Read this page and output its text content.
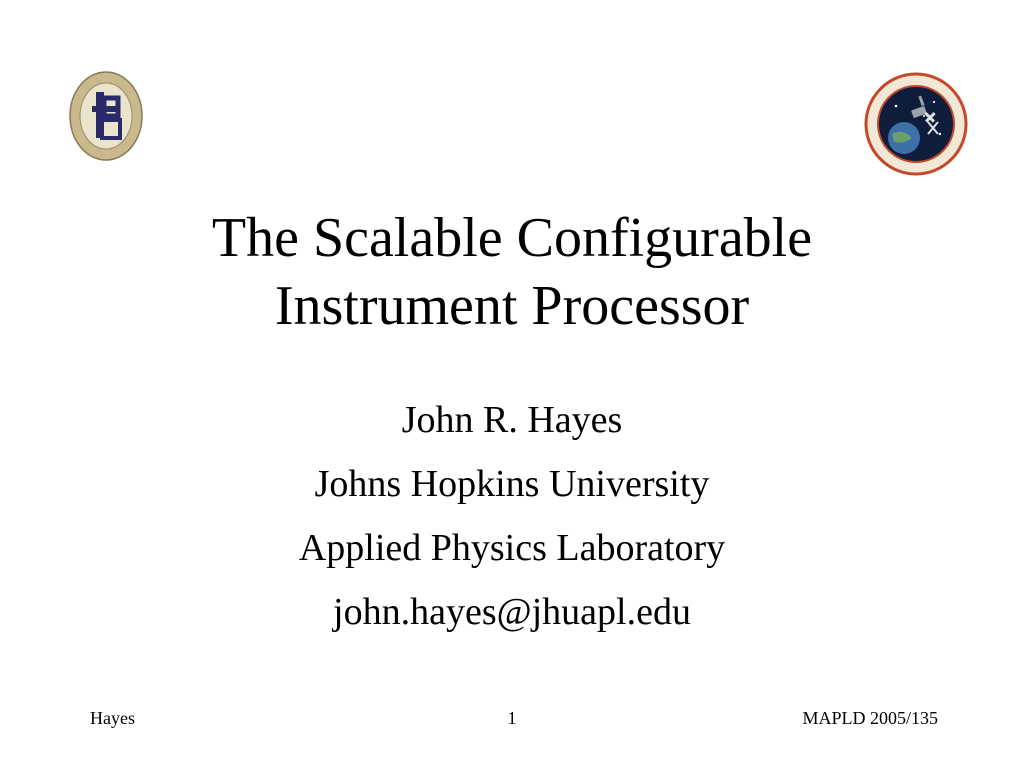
The Scalable Configurable
Instrument Processor
John R. Hayes
Johns Hopkins University
Applied Physics Laboratory
john.hayes@jhuapl.edu
Hayes	1	MAPLD 2005/135
